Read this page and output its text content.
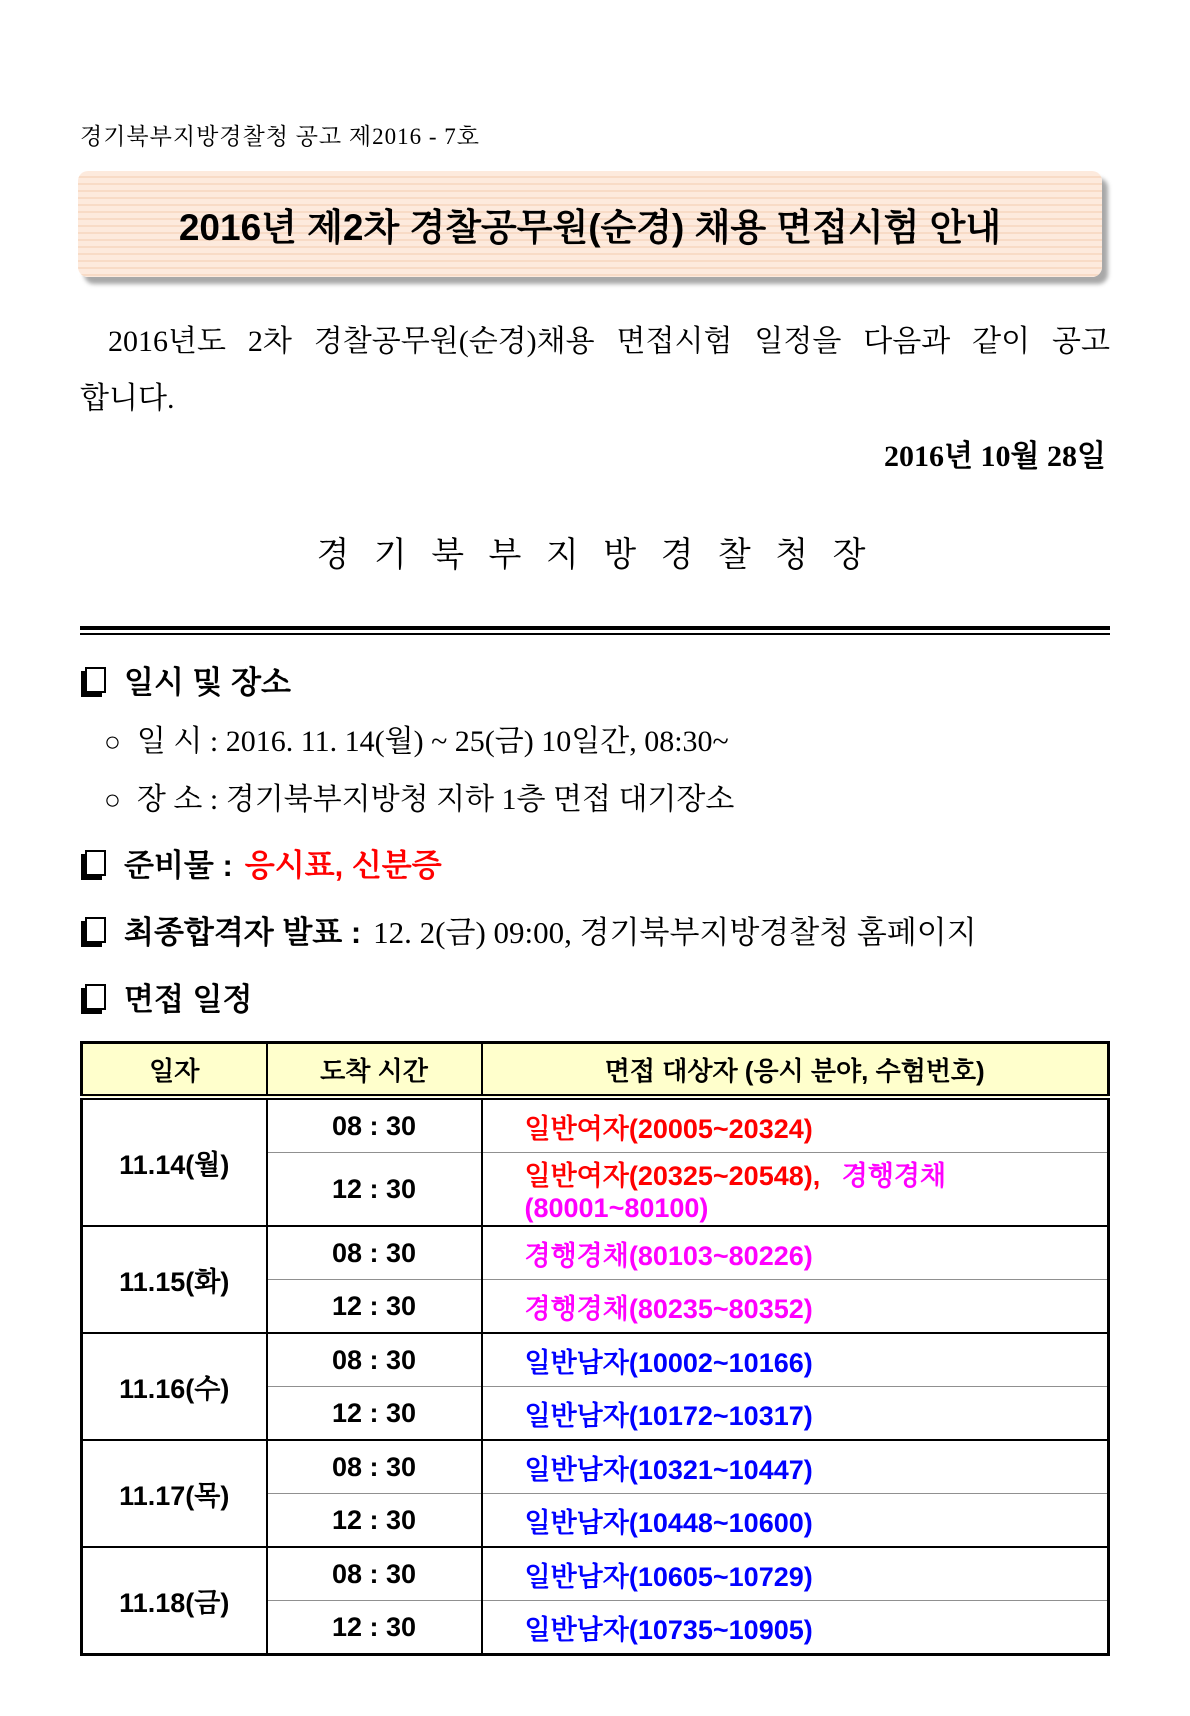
경기북부지방경찰청 공고 제2016 - 7호
2016년 제2차 경찰공무원(순경) 채용 면접시험 안내
2016년도 2차 경찰공무원(순경)채용 면접시험 일정을 다음과 같이 공고
합니다.
2016년 10월 28일
경 기 북 부 지 방 경 찰 청 장
일시 및 장소
○ 일 시 : 2016. 11. 14(월) ~ 25(금) 10일간, 08:30~
○ 장 소 : 경기북부지방청 지하 1층 면접 대기장소
준비물 : 응시표, 신분증
최종합격자 발표 : 12. 2(금) 09:00, 경기북부지방경찰청 홈페이지
면접 일정
일자	도착 시간	면접 대상자 (응시 분야, 수험번호)
11.14(월)	08 : 30	일반여자(20005~20324)
	12 : 30	일반여자(20325~20548), 경행경채(80001~80100)
11.15(화)	08 : 30	경행경채(80103~80226)
	12 : 30	경행경채(80235~80352)
11.16(수)	08 : 30	일반남자(10002~10166)
	12 : 30	일반남자(10172~10317)
11.17(목)	08 : 30	일반남자(10321~10447)
	12 : 30	일반남자(10448~10600)
11.18(금)	08 : 30	일반남자(10605~10729)
	12 : 30	일반남자(10735~10905)
